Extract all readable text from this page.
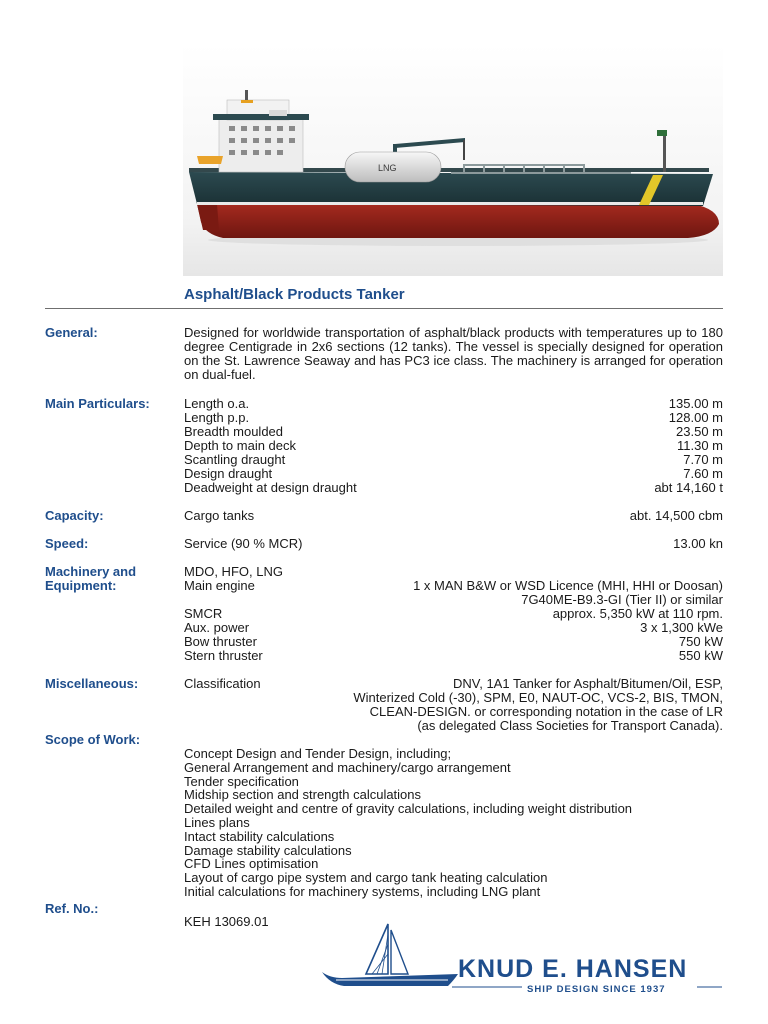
LNG
Asphalt/Black Products Tanker
General:	Designed for worldwide transportation of asphalt/black products with temperatures up to 180 degree Centigrade in 2x6 sections (12 tanks). The vessel is specially designed for operation on the St. Lawrence Seaway and has PC3 ice class. The machinery is arranged for operation on dual-fuel.
Main Particulars:	Length o.a.	135.00 m
Length p.p.	128.00 m
Breadth moulded	23.50 m
Depth to main deck	11.30 m
Scantling draught	7.70 m
Design draught	7.60 m
Deadweight at design draught	abt 14,160 t
Capacity:	Cargo tanks	abt. 14,500 cbm
Speed:	Service (90 % MCR)	13.00 kn
Machinery and
Equipment:
MDO, HFO, LNG
Main engine	1 x MAN B&W or WSD Licence (MHI, HHI or Doosan)
7G40ME-B9.3-GI (Tier II) or similar
SMCR	approx. 5,350 kW at 110 rpm.
Aux. power	3 x 1,300 kWe
Bow thruster	750 kW
Stern thruster	550 kW
Miscellaneous:	Classification	DNV, 1A1 Tanker for Asphalt/Bitumen/Oil, ESP,
Winterized Cold (-30), SPM, E0, NAUT-OC, VCS-2, BIS, TMON,
CLEAN-DESIGN. or corresponding notation in the case of LR
(as delegated Class Societies for Transport Canada).
Scope of Work:
Concept Design and Tender Design, including;
General Arrangement and machinery/cargo arrangement
Tender specification
Midship section and strength calculations
Detailed weight and centre of gravity calculations, including weight distribution
Lines plans
Intact stability calculations
Damage stability calculations
CFD Lines optimisation
Layout of cargo pipe system and cargo tank heating calculation
Initial calculations for machinery systems, including LNG plant
Ref. No.:
KEH 13069.01
KNUD E. HANSEN
SHIP DESIGN SINCE 1937
